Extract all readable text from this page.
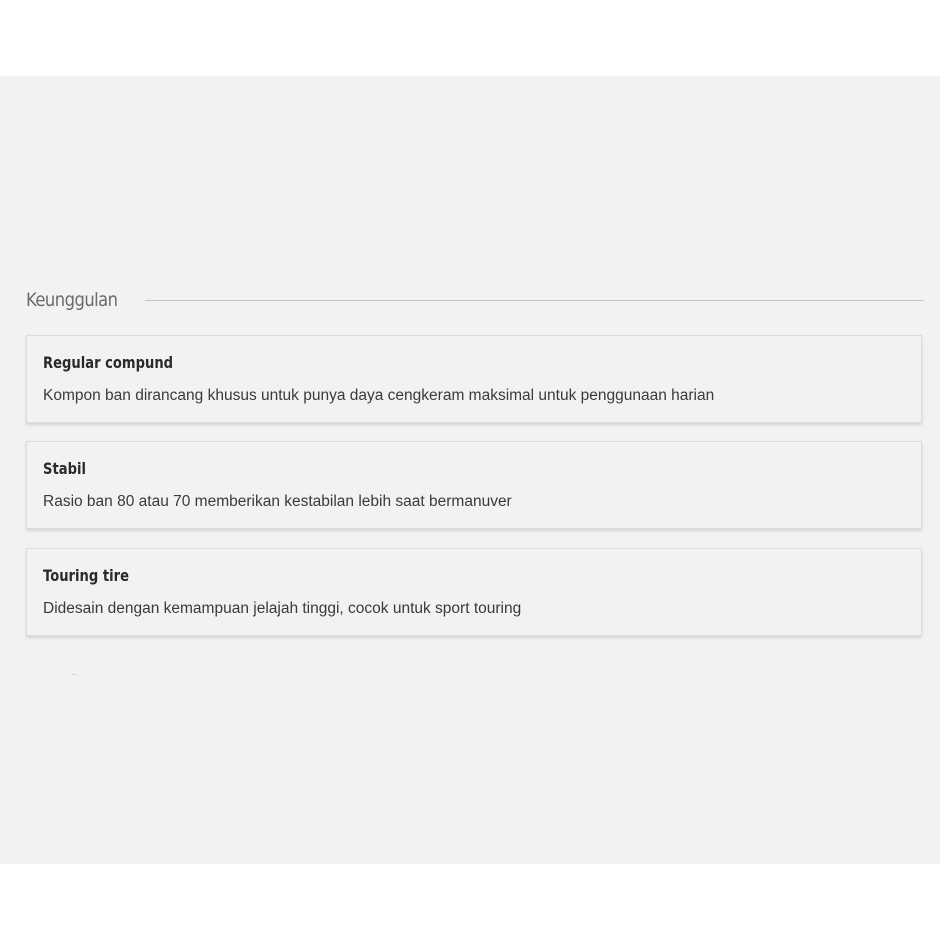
Keunggulan
Regular compund
Kompon ban dirancang khusus untuk punya daya cengkeram maksimal untuk penggunaan harian
Stabil
Rasio ban 80 atau 70 memberikan kestabilan lebih saat bermanuver
Touring tire
Didesain dengan kemampuan jelajah tinggi, cocok untuk sport touring
